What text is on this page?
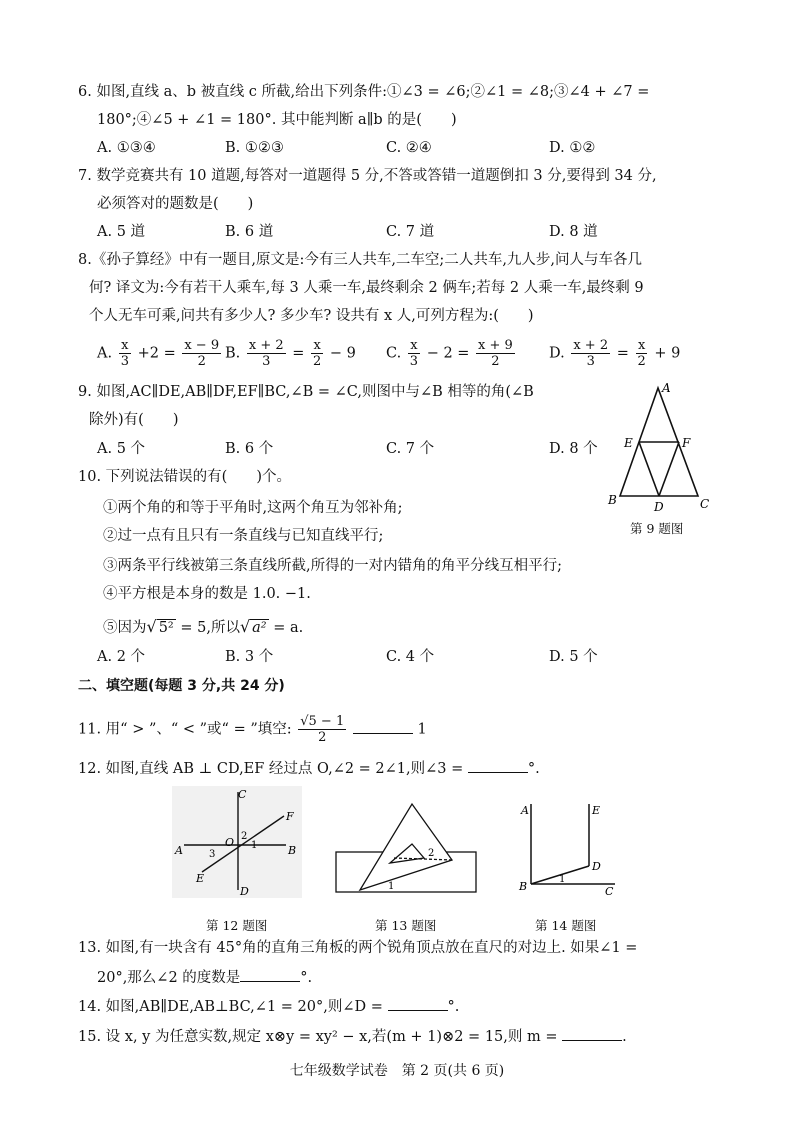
6. 如图,直线 a、b 被直线 c 所截,给出下列条件:①∠3 = ∠6;②∠1 = ∠8;③∠4 + ∠7 =
180°;④∠5 + ∠1 = 180°. 其中能判断 a∥b 的是(　　)
A. ①③④	B. ①②③	C. ②④	D. ①②
7. 数学竞赛共有 10 道题,每答对一道题得 5 分,不答或答错一道题倒扣 3 分,要得到 34 分,
必须答对的题数是(　　)
A. 5 道	B. 6 道	C. 7 道	D. 8 道
8.《孙子算经》中有一题目,原文是:今有三人共车,二车空;二人共车,九人步,问人与车各几
何? 译文为:今有若干人乘车,每 3 人乘一车,最终剩余 2 俩车;若每 2 人乘一车,最终剩 9
个人无车可乘,问共有多少人? 多少车? 设共有 x 人,可列方程为:(　　)
A. $\frac{x}{3} +2 = \frac{x - 9}{2} B$. $\frac{x + 2}{3} = \frac{x}{2} - 9$ C. $\frac{x}{3} - 2 = \frac{x + 9}{2} D$. $\frac{x + 2}{3} = \frac{x}{2} + 9$
9. 如图,AC∥DE,AB∥DF,EF∥BC,∠B = ∠C,则图中与∠B 相等的角(∠B
除外)有(　　)
A. 5 个	B. 6 个	C. 7 个	D. 8 个
A
E	F
B	D	C
第 9 题图
10. 下列说法错误的有(　　)个。
①两个角的和等于平角时,这两个角互为邻补角;
②过一点有且只有一条直线与已知直线平行;
③两条平行线被第三条直线所截,所得的一对内错角的角平分线互相平行;
④平方根是本身的数是 1.0. −1.
⑤因为√ 5² = 5,所以√ a² = a.
A. 2 个	B. 3 个	C. 4 个	D. 5 个
二、填空题(每题 3 分,共 24 分)
11. 用“ > ”、“ < ”或“ = ”填空: $\frac{√5 - 1}{2}$	1
12. 如图,直线 AB ⊥ CD,EF 经过点 O,∠2 = 2∠1,则∠3 =	°.
C
A	B
D
F
E
O 2
1
3
第 12 题图
1
2
第 13 题图
A	E
D
B	C
1
第 14 题图
13. 如图,有一块含有 45°角的直角三角板的两个锐角顶点放在直尺的对边上. 如果∠1 =
20°,那么∠2 的度数是	°.
14. 如图,AB∥DE,AB⊥BC,∠1 = 20°,则∠D =	°.
15. 设 x, y 为任意实数,规定 x⊗y = xy² − x,若(m + 1)⊗2 = 15,则 m =	.
七年级数学试卷　第 2 页(共 6 页)
